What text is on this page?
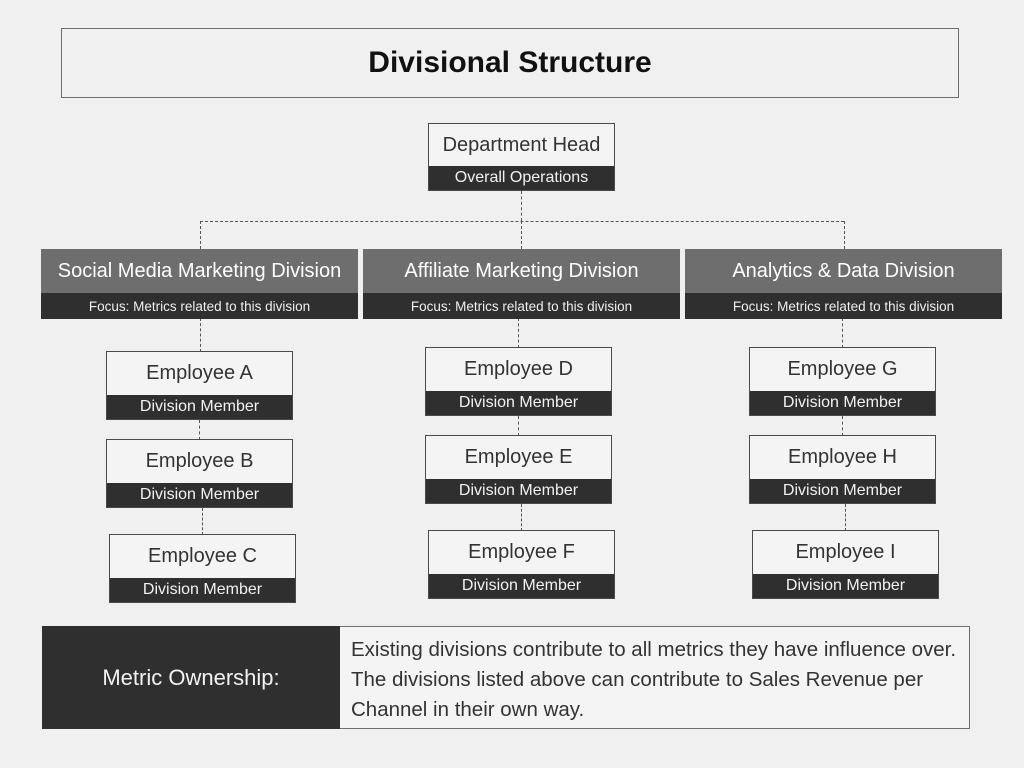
Divisional Structure
Department Head
Overall Operations
Social Media Marketing Division
Focus: Metrics related to this division
Affiliate Marketing Division
Focus: Metrics related to this division
Analytics & Data Division
Focus: Metrics related to this division
Employee A
Division Member
Employee B
Division Member
Employee C
Division Member
Employee D
Division Member
Employee E
Division Member
Employee F
Division Member
Employee G
Division Member
Employee H
Division Member
Employee I
Division Member
Metric Ownership:
Existing divisions contribute to all metrics they have influence over. The divisions listed above can contribute to Sales Revenue per Channel in their own way.
